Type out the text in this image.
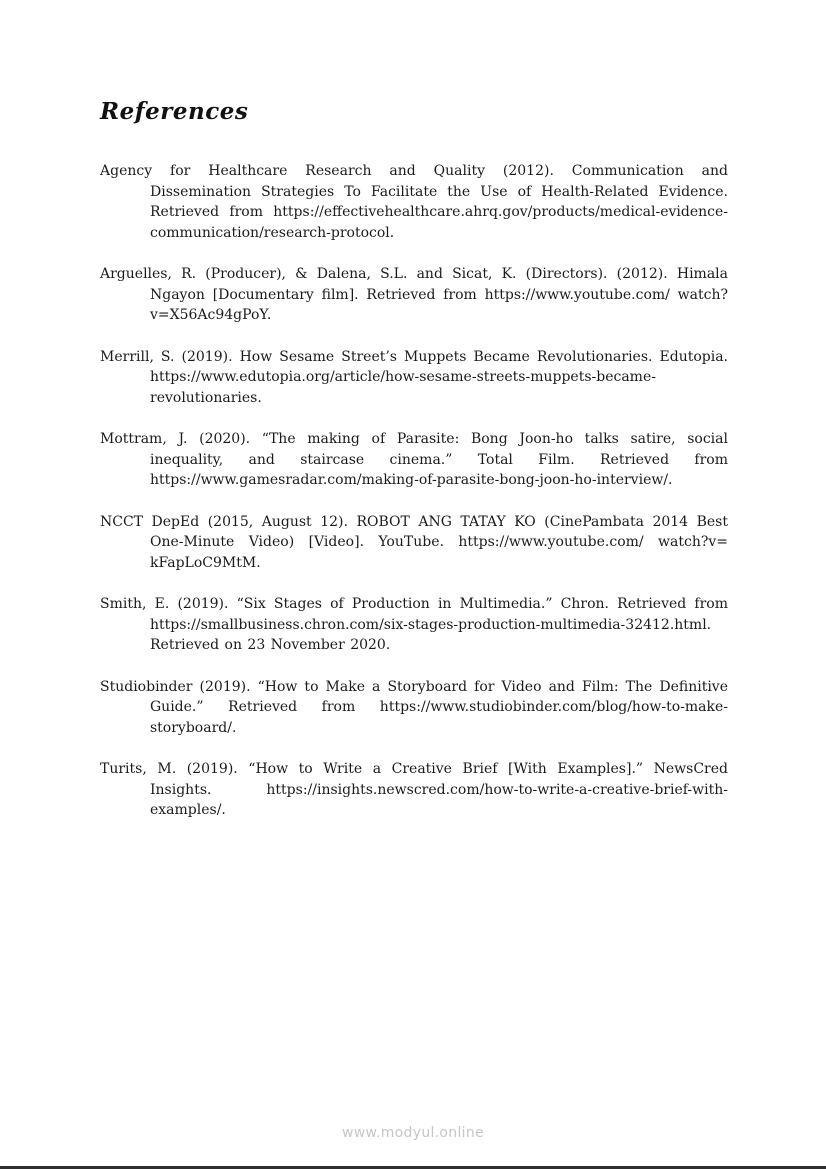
References

Agency for Healthcare Research and Quality (2012). Communication and Dissemination Strategies To Facilitate the Use of Health-Related Evidence. Retrieved from https://effectivehealthcare.ahrq.gov/products/medical-evidence-communication/research-protocol.

Arguelles, R. (Producer), & Dalena, S.L. and Sicat, K. (Directors). (2012). Himala Ngayon [Documentary film]. Retrieved from https://www.youtube.com/ watch?v=X56Ac94gPoY.

Merrill, S. (2019). How Sesame Street’s Muppets Became Revolutionaries. Edutopia. https://www.edutopia.org/article/how-sesame-streets-muppets-became-revolutionaries.

Mottram, J. (2020). “The making of Parasite: Bong Joon-ho talks satire, social inequality, and staircase cinema.” Total Film. Retrieved from https://www.gamesradar.com/making-of-parasite-bong-joon-ho-interview/.

NCCT DepEd (2015, August 12). ROBOT ANG TATAY KO (CinePambata 2014 Best One-Minute Video) [Video]. YouTube. https://www.youtube.com/ watch?v= kFapLoC9MtM.

Smith, E. (2019). “Six Stages of Production in Multimedia.” Chron. Retrieved from https://smallbusiness.chron.com/six-stages-production-multimedia-32412.html. Retrieved on 23 November 2020.

Studiobinder (2019). “How to Make a Storyboard for Video and Film: The Definitive Guide.” Retrieved from https://www.studiobinder.com/blog/how-to-make-storyboard/.

Turits, M. (2019). “How to Write a Creative Brief [With Examples].” NewsCred Insights. https://insights.newscred.com/how-to-write-a-creative-brief-with-examples/.

www.modyul.online
